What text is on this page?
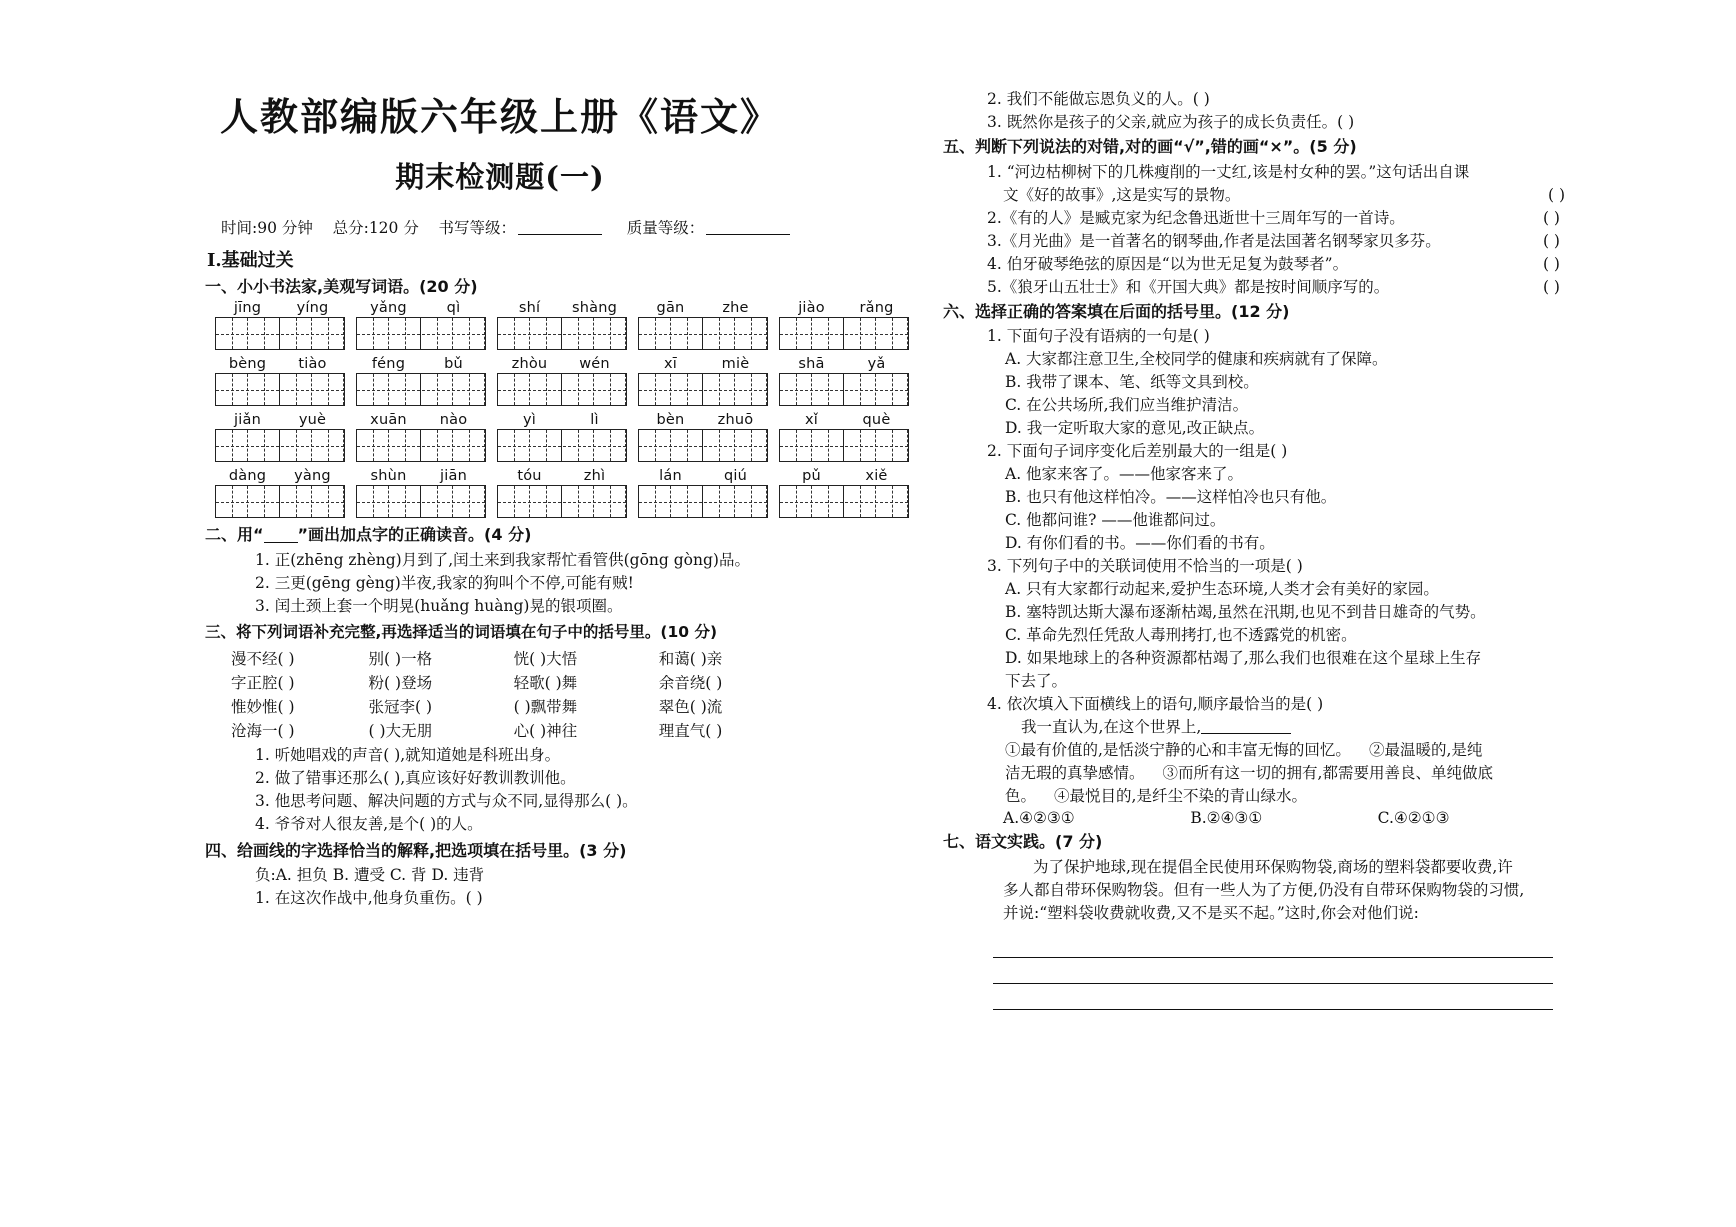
人教部编版六年级上册《语文》
期末检测题(一)
时间:90 分钟 总分:120 分 书写等级：	质量等级：
Ⅰ.基础过关
一、小小书法家,美观写词语。(20 分)
jīng	yíng	yǎng	qì	shí	shàng	gān	zhe	jiào	rǎng
bèng	tiào	féng	bǔ	zhòu	wén	xī	miè	shā	yǎ
jiǎn	yuè	xuān	nào	yì	lì	bèn	zhuō	xǐ	què
dàng	yàng	shùn	jiān	tóu	zhì	lán	qiú	pǔ	xiě
二、用“ ”画出加点字的正确读音。(4 分)
1. 正(zhēng zhèng)月到了,闰土来到我家帮忙看管供(gōng gòng)品。
2. 三更(gēng gèng)半夜,我家的狗叫个不停,可能有贼!
3. 闰土颈上套一个明晃(huǎng huàng)晃的银项圈。
三、将下列词语补充完整,再选择适当的词语填在句子中的括号里。(10 分)
漫不经( )	别( )一格	恍( )大悟	和蔼( )亲
字正腔( )	粉( )登场	轻歌( )舞	余音绕( )
惟妙惟( )	张冠李( )	( )飘带舞	翠色( )流
沧海一( )	( )大无朋	心( )神往	理直气( )
1. 听她唱戏的声音( ),就知道她是科班出身。
2. 做了错事还那么( ),真应该好好教训教训他。
3. 他思考问题、解决问题的方式与众不同,显得那么( )。
4. 爷爷对人很友善,是个( )的人。
四、给画线的字选择恰当的解释,把选项填在括号里。(3 分)
负:A. 担负 B. 遭受 C. 背 D. 违背
1. 在这次作战中,他身负重伤。( )
2. 我们不能做忘恩负义的人。( )
3. 既然你是孩子的父亲,就应为孩子的成长负责任。( )
五、判断下列说法的对错,对的画“√”,错的画“×”。(5 分)
1. “河边枯柳树下的几株瘦削的一丈红,该是村女种的罢。”这句话出自课
文《好的故事》,这是实写的景物。	( )
2.《有的人》是臧克家为纪念鲁迅逝世十三周年写的一首诗。	( )
3.《月光曲》是一首著名的钢琴曲,作者是法国著名钢琴家贝多芬。	( )
4. 伯牙破琴绝弦的原因是“以为世无足复为鼓琴者”。	( )
5.《狼牙山五壮士》和《开国大典》都是按时间顺序写的。	( )
六、选择正确的答案填在后面的括号里。(12 分)
1. 下面句子没有语病的一句是( )
A. 大家都注意卫生,全校同学的健康和疾病就有了保障。
B. 我带了课本、笔、纸等文具到校。
C. 在公共场所,我们应当维护清洁。
D. 我一定听取大家的意见,改正缺点。
2. 下面句子词序变化后差别最大的一组是( )
A. 他家来客了。——他家客来了。
B. 也只有他这样怕冷。——这样怕冷也只有他。
C. 他都问谁? ——他谁都问过。
D. 有你们看的书。——你们看的书有。
3. 下列句子中的关联词使用不恰当的一项是( )
A. 只有大家都行动起来,爱护生态环境,人类才会有美好的家园。
B. 塞特凯达斯大瀑布逐渐枯竭,虽然在汛期,也见不到昔日雄奇的气势。
C. 革命先烈任凭敌人毒刑拷打,也不透露党的机密。
D. 如果地球上的各种资源都枯竭了,那么我们也很难在这个星球上生存
下去了。
4. 依次填入下面横线上的语句,顺序最恰当的是( )
我一直认为,在这个世界上,
①最有价值的,是恬淡宁静的心和丰富无悔的回忆。 ②最温暖的,是纯
洁无瑕的真挚感情。 ③而所有这一切的拥有,都需要用善良、单纯做底
色。 ④最悦目的,是纤尘不染的青山绿水。
A.④②③①	B.②④③①	C.④②①③
七、语文实践。(7 分)
为了保护地球,现在提倡全民使用环保购物袋,商场的塑料袋都要收费,许
多人都自带环保购物袋。但有一些人为了方便,仍没有自带环保购物袋的习惯,
并说:“塑料袋收费就收费,又不是买不起。”这时,你会对他们说:
